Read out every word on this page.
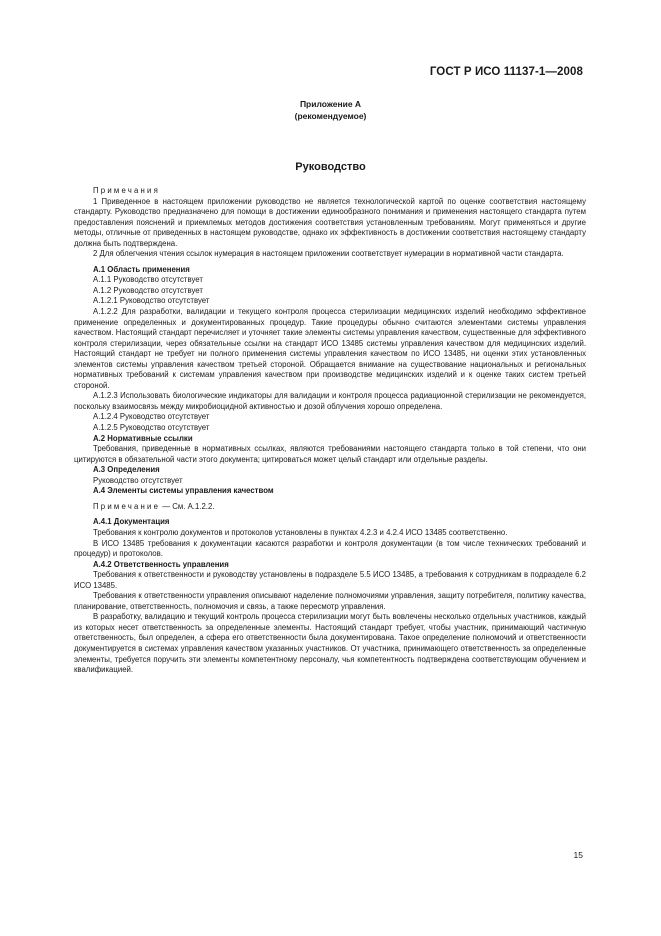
ГОСТ Р ИСО 11137-1—2008
Приложение А
(рекомендуемое)
Руководство

Примечания

1 Приведенное в настоящем приложении руководство не является технологической картой по оценке соответствия настоящему стандарту. Руководство предназначено для помощи в достижении единообразного понимания и применения настоящего стандарта путем предоставления пояснений и приемлемых методов достижения соответствия установленным требованиям. Могут применяться и другие методы, отличные от приведенных в настоящем руководстве, однако их эффективность в достижении соответствия настоящему стандарту должна быть подтверждена.

2 Для облегчения чтения ссылок нумерация в настоящем приложении соответствует нумерации в нормативной части стандарта.

А.1 Область применения

А.1.1 Руководство отсутствует

А.1.2 Руководство отсутствует

А.1.2.1 Руководство отсутствует

А.1.2.2 Для разработки, валидации и текущего контроля процесса стерилизации медицинских изделий необходимо эффективное применение определенных и документированных процедур. Такие процедуры обычно считаются элементами системы управления качеством. Настоящий стандарт перечисляет и уточняет такие элементы системы управления качеством, существенные для эффективного контроля стерилизации, через обязательные ссылки на стандарт ИСО 13485 системы управления качеством для медицинских изделий. Настоящий стандарт не требует ни полного применения системы управления качеством по ИСО 13485, ни оценки этих установленных элементов системы управления качеством третьей стороной. Обращается внимание на существование национальных и региональных нормативных требований к системам управления качеством при производстве медицинских изделий и к оценке таких систем третьей стороной.

А.1.2.3 Использовать биологические индикаторы для валидации и контроля процесса радиационной стерилизации не рекомендуется, поскольку взаимосвязь между микробиоцидной активностью и дозой облучения хорошо определена.

А.1.2.4 Руководство отсутствует

А.1.2.5 Руководство отсутствует

А.2 Нормативные ссылки

Требования, приведенные в нормативных ссылках, являются требованиями настоящего стандарта только в той степени, что они цитируются в обязательной части этого документа; цитироваться может целый стандарт или отдельные разделы.

А.3 Определения

Руководство отсутствует

А.4 Элементы системы управления качеством

Примечание — См. А.1.2.2.

А.4.1 Документация

Требования к контролю документов и протоколов установлены в пунктах 4.2.3 и 4.2.4 ИСО 13485 соответственно.

В ИСО 13485 требования к документации касаются разработки и контроля документации (в том числе технических требований и процедур) и протоколов.

А.4.2 Ответственность управления

Требования к ответственности и руководству установлены в подразделе 5.5 ИСО 13485, а требования к сотрудникам в подразделе 6.2 ИСО 13485.

Требования к ответственности управления описывают наделение полномочиями управления, защиту потребителя, политику качества, планирование, ответственность, полномочия и связь, а также пересмотр управления.

В разработку, валидацию и текущий контроль процесса стерилизации могут быть вовлечены несколько отдельных участников, каждый из которых несет ответственность за определенные элементы. Настоящий стандарт требует, чтобы участник, принимающий частичную ответственность, был определен, а сфера его ответственности была документирована. Такое определение полномочий и ответственности документируется в системах управления качеством указанных участников. От участника, принимающего ответственность за определенные элементы, требуется поручить эти элементы компетентному персоналу, чья компетентность подтверждена соответствующим обучением и квалификацией.

15
